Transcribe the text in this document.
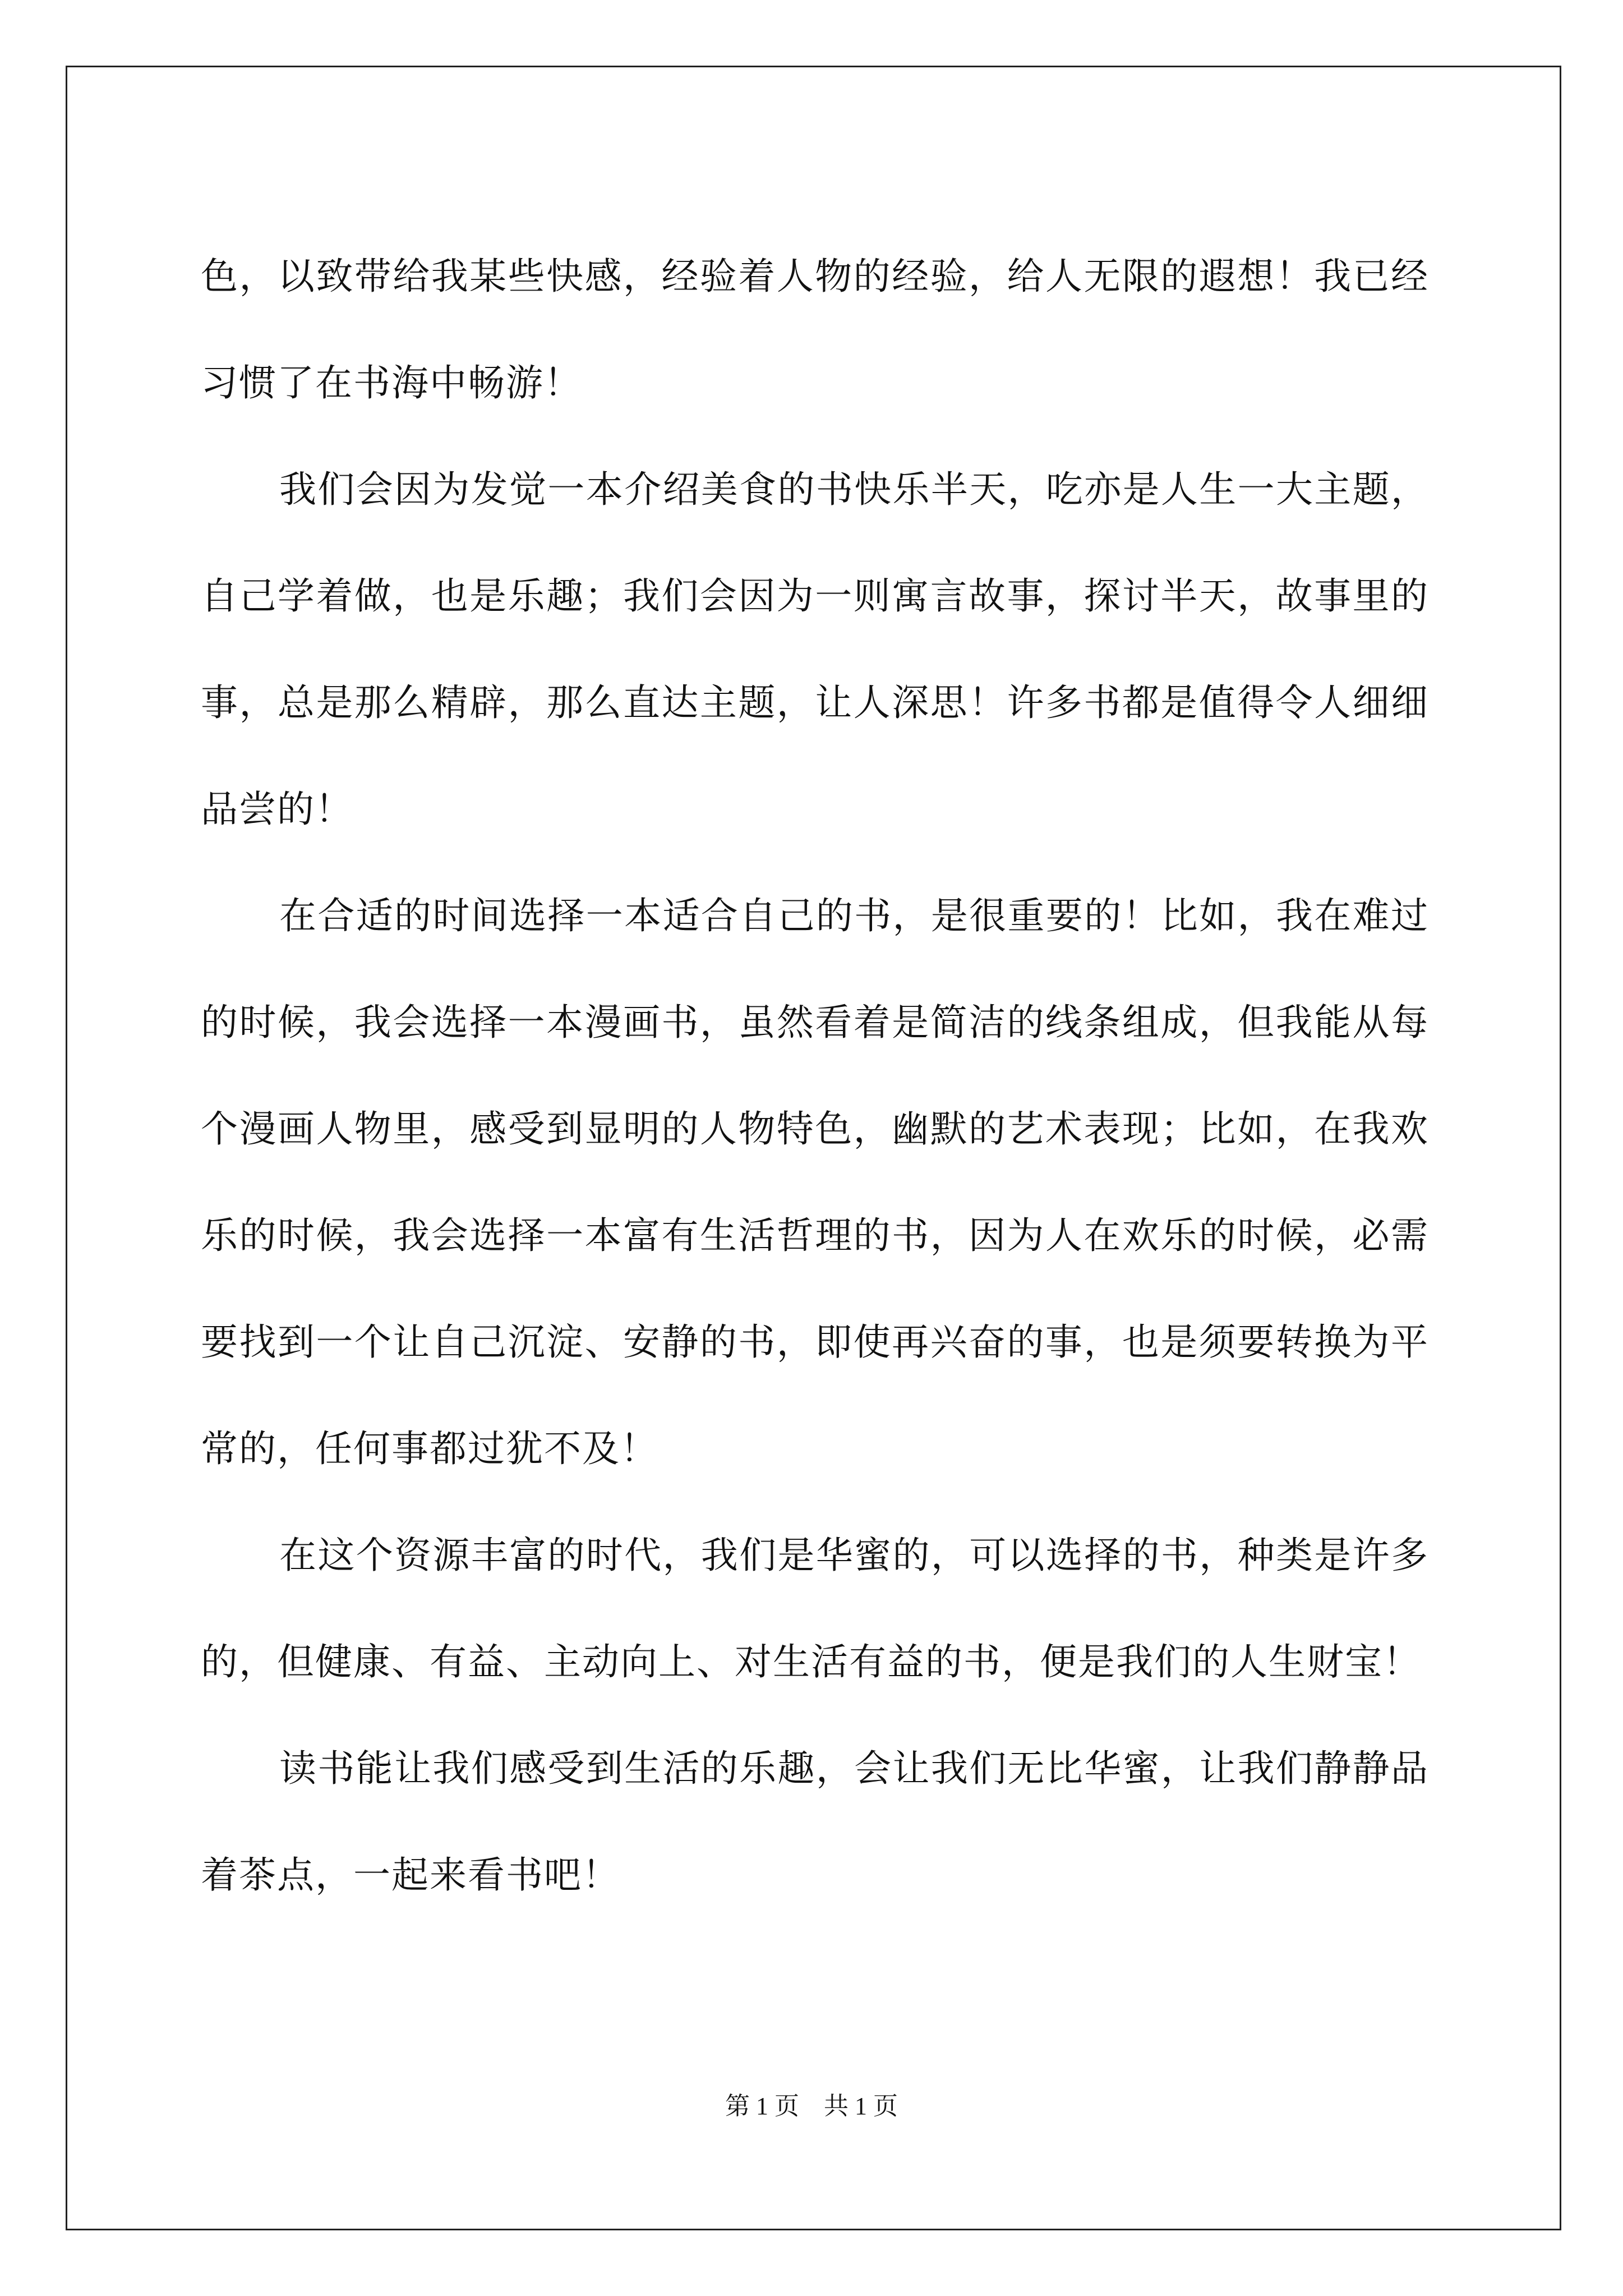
色，以致带给我某些快感，经验着人物的经验，给人无限的遐想！我已经习惯了在书海中畅游！

我们会因为发觉一本介绍美食的书快乐半天，吃亦是人生一大主题，自己学着做，也是乐趣；我们会因为一则寓言故事，探讨半天，故事里的事，总是那么精辟，那么直达主题，让人深思！许多书都是值得令人细细品尝的！

在合适的时间选择一本适合自己的书，是很重要的！比如，我在难过的时候，我会选择一本漫画书，虽然看着是简洁的线条组成，但我能从每个漫画人物里，感受到显明的人物特色，幽默的艺术表现；比如，在我欢乐的时候，我会选择一本富有生活哲理的书，因为人在欢乐的时候，必需要找到一个让自己沉淀、安静的书，即使再兴奋的事，也是须要转换为平常的，任何事都过犹不及！

在这个资源丰富的时代，我们是华蜜的，可以选择的书，种类是许多的，但健康、有益、主动向上、对生活有益的书，便是我们的人生财宝！

读书能让我们感受到生活的乐趣，会让我们无比华蜜，让我们静静品着茶点，一起来看书吧！

第 1 页　共 1 页
